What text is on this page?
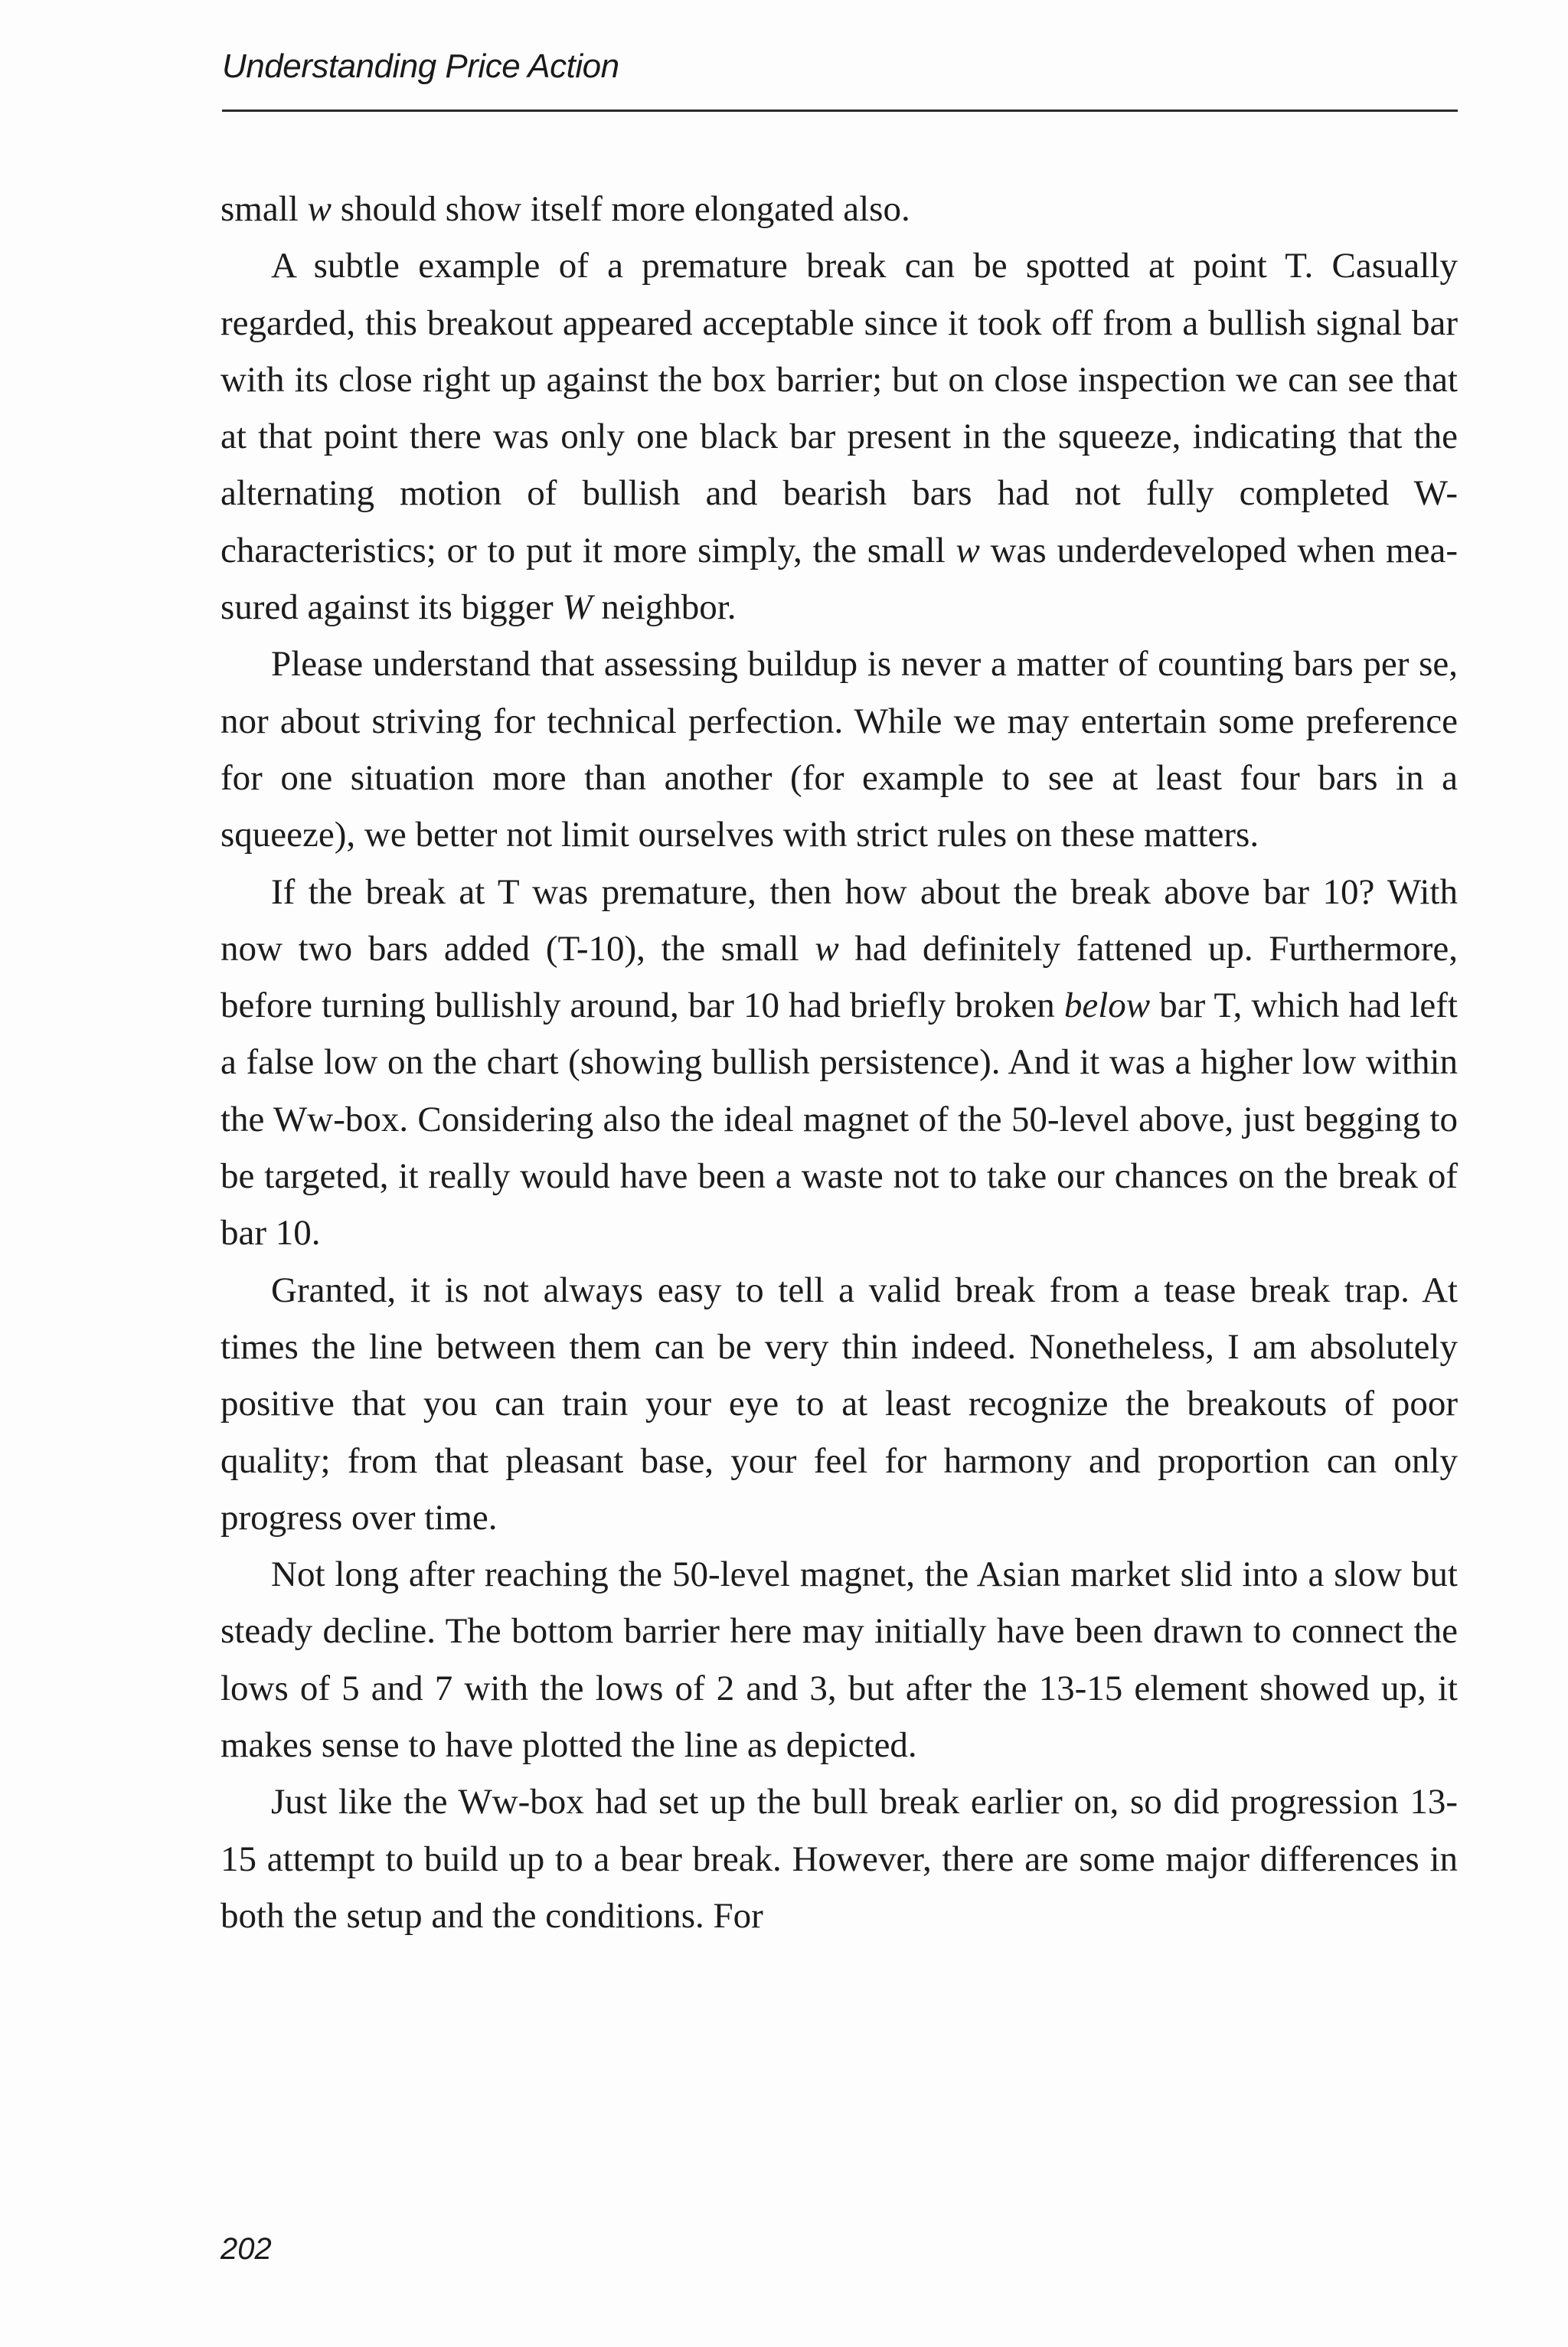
Understanding Price Action

small w should show itself more elongated also.

A subtle example of a premature break can be spotted at point T. Casually regarded, this breakout appeared acceptable since it took off from a bullish signal bar with its close right up against the box barrier; but on close inspection we can see that at that point there was only one black bar present in the squeeze, indicating that the alternating motion of bullish and bearish bars had not fully completed W-characteristics; or to put it more simply, the small w was underdeveloped when measured against its bigger W neighbor.

Please understand that assessing buildup is never a matter of counting bars per se, nor about striving for technical perfection. While we may entertain some preference for one situation more than another (for example to see at least four bars in a squeeze), we better not limit ourselves with strict rules on these matters.

If the break at T was premature, then how about the break above bar 10? With now two bars added (T-10), the small w had definitely fattened up. Furthermore, before turning bullishly around, bar 10 had briefly broken below bar T, which had left a false low on the chart (showing bullish persistence). And it was a higher low within the Ww-box. Considering also the ideal magnet of the 50-level above, just begging to be targeted, it really would have been a waste not to take our chances on the break of bar 10.

Granted, it is not always easy to tell a valid break from a tease break trap. At times the line between them can be very thin indeed. Nonetheless, I am absolutely positive that you can train your eye to at least recognize the breakouts of poor quality; from that pleasant base, your feel for harmony and proportion can only progress over time.

Not long after reaching the 50-level magnet, the Asian market slid into a slow but steady decline. The bottom barrier here may initially have been drawn to connect the lows of 5 and 7 with the lows of 2 and 3, but after the 13-15 element showed up, it makes sense to have plotted the line as depicted.

Just like the Ww-box had set up the bull break earlier on, so did progression 13-15 attempt to build up to a bear break. However, there are some major differences in both the setup and the conditions. For

202
